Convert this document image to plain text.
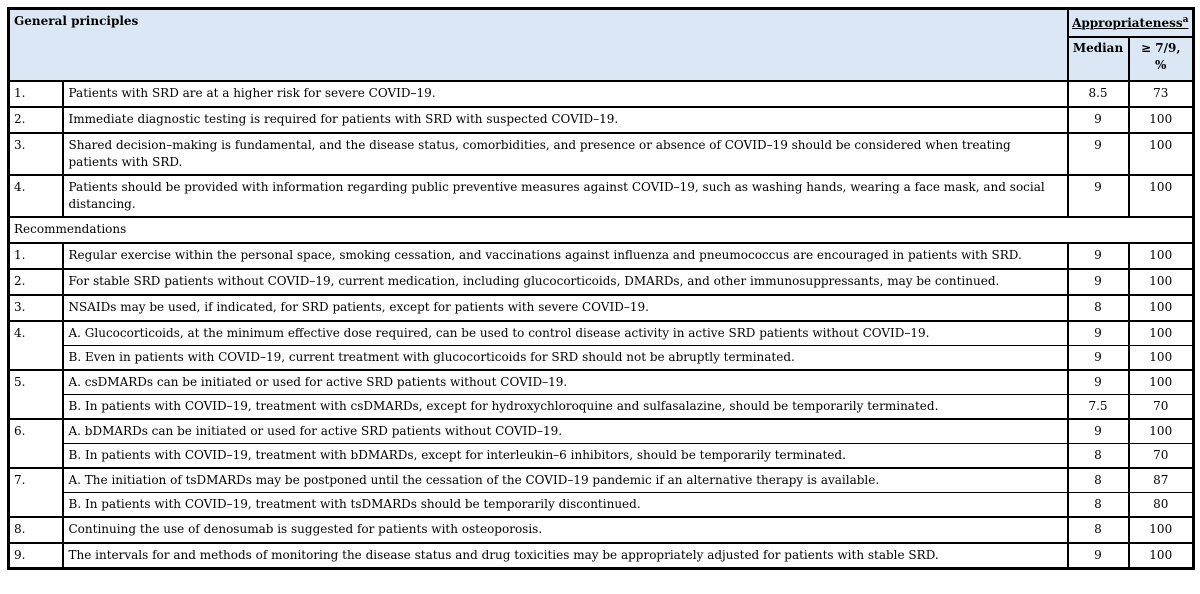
General principles		Appropriateness$^a$
		Median	≥ 7/9,
%
1.	Patients with SRD are at a higher risk for severe COVID–19.	8.5	73
2.	Immediate diagnostic testing is required for patients with SRD with suspected COVID–19.	9	100
3.	Shared decision–making is fundamental, and the disease status, comorbidities, and presence or absence of COVID–19 should be considered when treating patients with SRD.	9	100
4.	Patients should be provided with information regarding public preventive measures against COVID–19, such as washing hands, wearing a face mask, and social distancing.	9	100
Recommendations			
1.	Regular exercise within the personal space, smoking cessation, and vaccinations against influenza and pneumococcus are encouraged in patients with SRD.	9	100
2.	For stable SRD patients without COVID–19, current medication, including glucocorticoids, DMARDs, and other immunosuppressants, may be continued.	9	100
3.	NSAIDs may be used, if indicated, for SRD patients, except for patients with severe COVID–19.	8	100
4.	A. Glucocorticoids, at the minimum effective dose required, can be used to control disease activity in active SRD patients without COVID–19.	9	100
	B. Even in patients with COVID–19, current treatment with glucocorticoids for SRD should not be abruptly terminated.	9	100
5.	A. csDMARDs can be initiated or used for active SRD patients without COVID–19.	9	100
	B. In patients with COVID–19, treatment with csDMARDs, except for hydroxychloroquine and sulfasalazine, should be temporarily terminated.	7.5	70
6.	A. bDMARDs can be initiated or used for active SRD patients without COVID–19.	9	100
	B. In patients with COVID–19, treatment with bDMARDs, except for interleukin–6 inhibitors, should be temporarily terminated.	8	70
7.	A. The initiation of tsDMARDs may be postponed until the cessation of the COVID–19 pandemic if an alternative therapy is available.	8	87
	B. In patients with COVID–19, treatment with tsDMARDs should be temporarily discontinued.	8	80
8.	Continuing the use of denosumab is suggested for patients with osteoporosis.	8	100
9.	The intervals for and methods of monitoring the disease status and drug toxicities may be appropriately adjusted for patients with stable SRD.	9	100
